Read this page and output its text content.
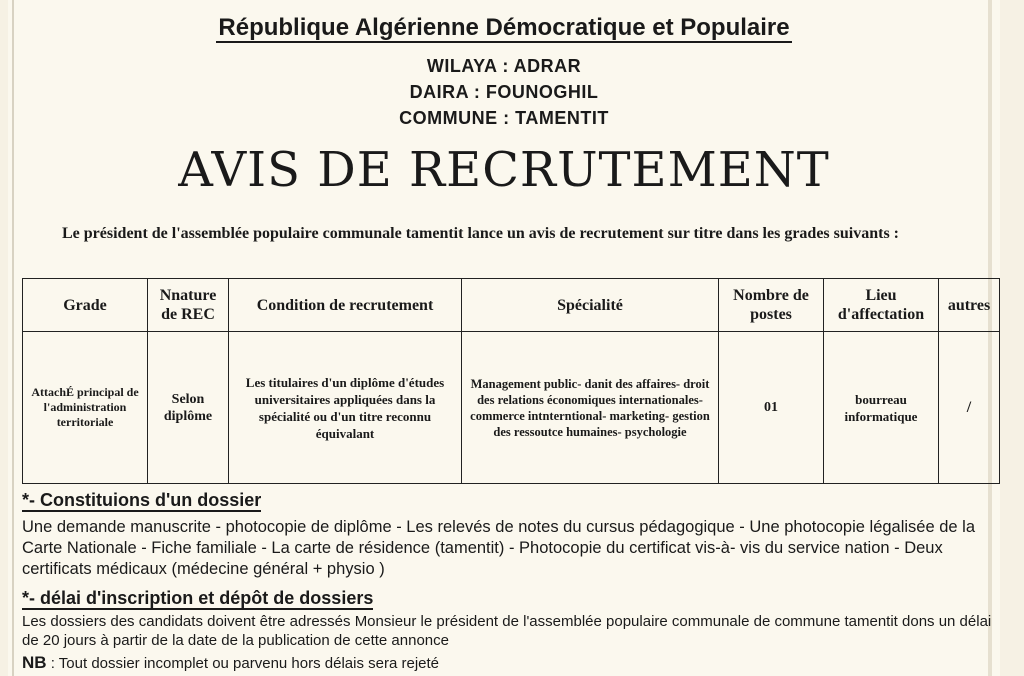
République Algérienne Démocratique et Populaire
WILAYA : ADRAR
DAIRA : FOUNOGHIL
COMMUNE : TAMENTIT
AVIS DE RECRUTEMENT
Le président de l'assemblée populaire communale tamentit lance un avis de recrutement sur titre dans les grades suivants :
Grade	Nnature de REC	Condition de recrutement	Spécialité	Nombre de postes	Lieu d'affectation	autres
AttachÉ principal de l'administration territoriale	Selon diplôme	Les titulaires d'un diplôme d'études universitaires appliquées dans la spécialité ou d'un titre reconnu équivalant	Management public- danit des affaires- droit des relations économiques internationales- commerce intnterntional- marketing- gestion des ressoutce humaines- psychologie	01	bourreau informatique	/
*- Constituions d'un dossier
Une demande manuscrite - photocopie de diplôme - Les relevés de notes du cursus pédagogique - Une photocopie légalisée de la Carte Nationale - Fiche familiale - La carte de résidence (tamentit) - Photocopie du certificat vis-à- vis du service nation - Deux certificats médicaux (médecine général + physio )
*- délai d'inscription et dépôt de dossiers
Les dossiers des candidats doivent être adressés Monsieur le président de l'assemblée populaire communale de commune tamentit dons un délai de 20 jours à partir de la date de la publication de cette annonce
NB : Tout dossier incomplet ou parvenu hors délais sera rejeté
